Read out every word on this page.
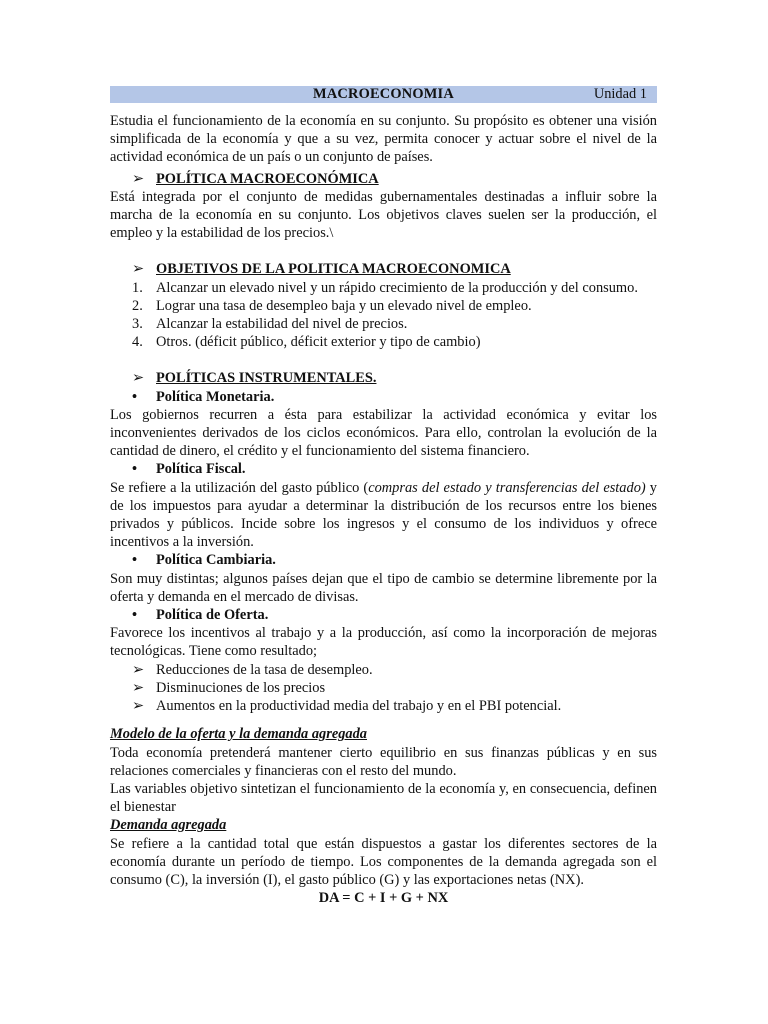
MACROECONOMIA	Unidad 1

Estudia el funcionamiento de la economía en su conjunto. Su propósito es obtener una visión simplificada de la economía y que a su vez, permita conocer y actuar sobre el nivel de la actividad económica de un país o un conjunto de países.

➢ POLÍTICA MACROECONÓMICA

Está integrada por el conjunto de medidas gubernamentales destinadas a influir sobre la marcha de la economía en su conjunto. Los objetivos claves suelen ser la producción, el empleo y la estabilidad de los precios.\

➢ OBJETIVOS DE LA POLITICA MACROECONOMICA
1. Alcanzar un elevado nivel y un rápido crecimiento de la producción y del consumo.
2. Lograr una tasa de desempleo baja y un elevado nivel de empleo.
3. Alcanzar la estabilidad del nivel de precios.
4. Otros. (déficit público, déficit exterior y tipo de cambio)
➢ POLÍTICAS INSTRUMENTALES.
• Política Monetaria.

Los gobiernos recurren a ésta para estabilizar la actividad económica y evitar los inconvenientes derivados de los ciclos económicos. Para ello, controlan la evolución de la cantidad de dinero, el crédito y el funcionamiento del sistema financiero.

• Política Fiscal.

Se refiere a la utilización del gasto público (compras del estado y transferencias del estado) y de los impuestos para ayudar a determinar la distribución de los recursos entre los bienes privados y públicos. Incide sobre los ingresos y el consumo de los individuos y ofrece incentivos a la inversión.

• Política Cambiaria.

Son muy distintas; algunos países dejan que el tipo de cambio se determine libremente por la oferta y demanda en el mercado de divisas.

• Política de Oferta.

Favorece los incentivos al trabajo y a la producción, así como la incorporación de mejoras tecnológicas. Tiene como resultado;

➢ Reducciones de la tasa de desempleo.
➢ Disminuciones de los precios
➢ Aumentos en la productividad media del trabajo y en el PBI potencial.

Modelo de la oferta y la demanda agregada

Toda economía pretenderá mantener cierto equilibrio en sus finanzas públicas y en sus relaciones comerciales y financieras con el resto del mundo.

Las variables objetivo sintetizan el funcionamiento de la economía y, en consecuencia, definen el bienestar

Demanda agregada

Se refiere a la cantidad total que están dispuestos a gastar los diferentes sectores de la economía durante un período de tiempo. Los componentes de la demanda agregada son el consumo (C), la inversión (I), el gasto público (G) y las exportaciones netas (NX).

DA = C + I + G + NX
